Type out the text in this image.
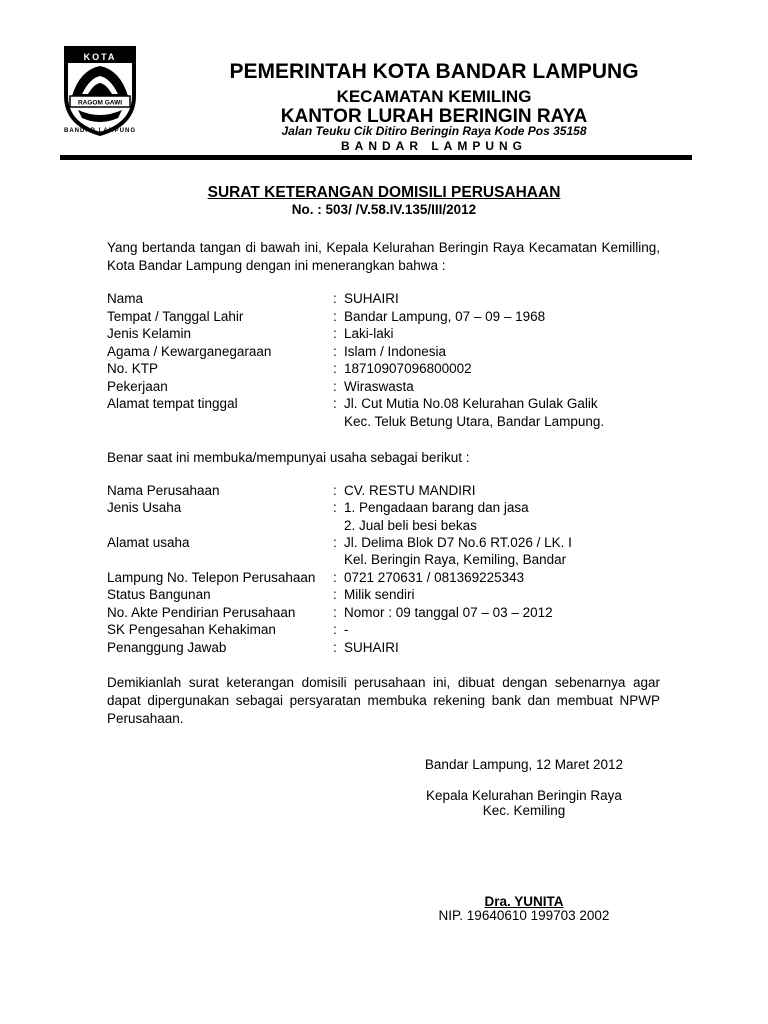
KOTA
RAGOM GAWI
BANDAR LAMPUNG
PEMERINTAH KOTA BANDAR LAMPUNG
KECAMATAN KEMILING
KANTOR LURAH BERINGIN RAYA
Jalan Teuku Cik Ditiro Beringin Raya Kode Pos 35158
BANDAR LAMPUNG
SURAT KETERANGAN DOMISILI PERUSAHAAN
No. : 503/ /V.58.IV.135/III/2012
Yang bertanda tangan di bawah ini, Kepala Kelurahan Beringin Raya Kecamatan Kemilling, Kota Bandar Lampung dengan ini menerangkan bahwa :
Nama	: SUHAIRI
Tempat / Tanggal Lahir	: Bandar Lampung, 07 – 09 – 1968
Jenis Kelamin	: Laki-laki
Agama / Kewarganegaraan	: Islam / Indonesia
No. KTP	: 18710907096800002
Pekerjaan	: Wiraswasta
Alamat tempat tinggal	: Jl. Cut Mutia No.08 Kelurahan Gulak Galik
Kec. Teluk Betung Utara, Bandar Lampung.
Benar saat ini membuka/mempunyai usaha sebagai berikut :
Nama Perusahaan	: CV. RESTU MANDIRI
Jenis Usaha	: 1. Pengadaan barang dan jasa
2. Jual beli besi bekas
Alamat usaha	: Jl. Delima Blok D7 No.6 RT.026 / LK. I
Kel. Beringin Raya, Kemiling, Bandar
Lampung No. Telepon Perusahaan : 0721 270631 / 081369225343
Status Bangunan	: Milik sendiri
No. Akte Pendirian Perusahaan	: Nomor : 09 tanggal 07 – 03 – 2012
SK Pengesahan Kehakiman	: -
Penanggung Jawab	: SUHAIRI
Demikianlah surat keterangan domisili perusahaan ini, dibuat dengan sebenarnya agar dapat dipergunakan sebagai persyaratan membuka rekening bank dan membuat NPWP Perusahaan.
Bandar Lampung, 12 Maret 2012
Kepala Kelurahan Beringin Raya
Kec. Kemiling
Dra. YUNITA
NIP. 19640610 199703 2002
